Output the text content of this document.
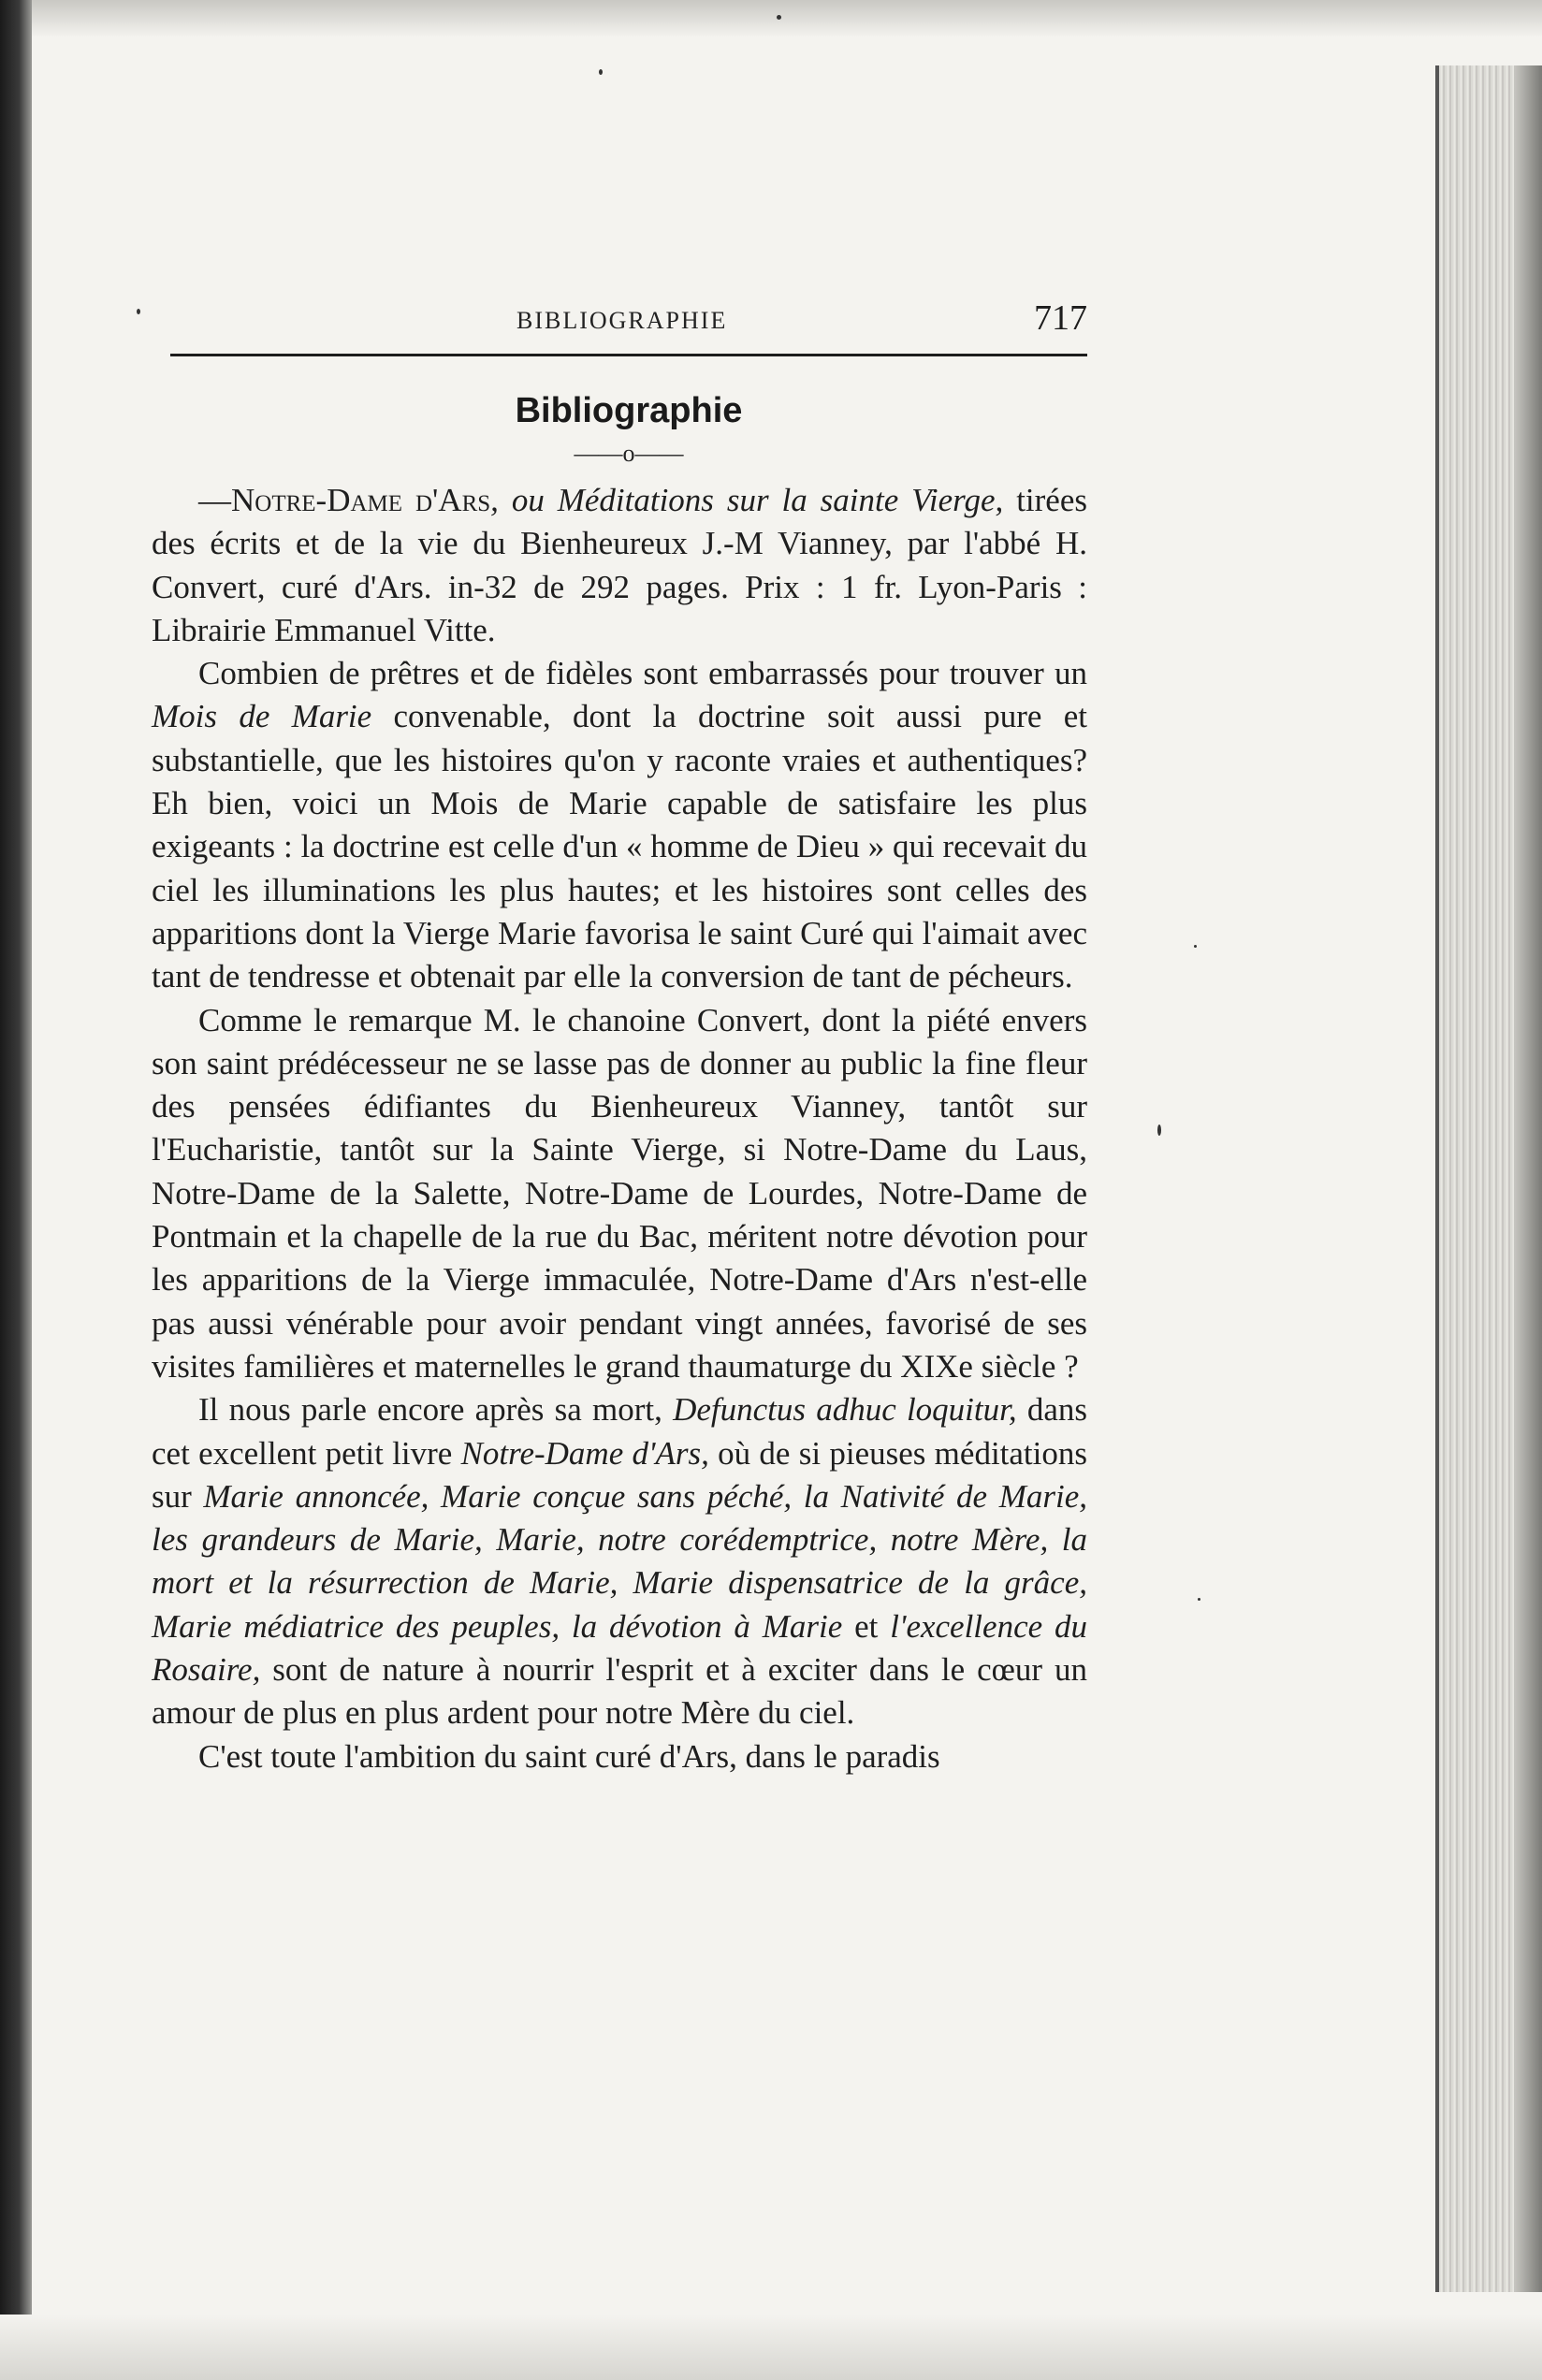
BIBLIOGRAPHIE	717
Bibliographie
——o——

—Notre-Dame d'Ars, ou Méditations sur la sainte Vierge, tirées des écrits et de la vie du Bienheureux J.-M Vianney, par l'abbé H. Convert, curé d'Ars. in-32 de 292 pages. Prix : 1 fr. Lyon-Paris : Librairie Emmanuel Vitte.

Combien de prêtres et de fidèles sont embarrassés pour trouver un Mois de Marie convenable, dont la doctrine soit aussi pure et substantielle, que les histoires qu'on y raconte vraies et authentiques? Eh bien, voici un Mois de Marie capable de satisfaire les plus exigeants : la doctrine est celle d'un « homme de Dieu » qui recevait du ciel les illuminations les plus hautes; et les histoires sont celles des apparitions dont la Vierge Marie favorisa le saint Curé qui l'aimait avec tant de tendresse et obtenait par elle la conversion de tant de pécheurs.

Comme le remarque M. le chanoine Convert, dont la piété envers son saint prédécesseur ne se lasse pas de donner au public la fine fleur des pensées édifiantes du Bienheureux Vianney, tantôt sur l'Eucharistie, tantôt sur la Sainte Vierge, si Notre-Dame du Laus, Notre-Dame de la Salette, Notre-Dame de Lourdes, Notre-Dame de Pontmain et la chapelle de la rue du Bac, méritent notre dévotion pour les apparitions de la Vierge immaculée, Notre-Dame d'Ars n'est-elle pas aussi vénérable pour avoir pendant vingt années, favorisé de ses visites familières et maternelles le grand thaumaturge du XIXe siècle ?

Il nous parle encore après sa mort, Defunctus adhuc loquitur, dans cet excellent petit livre Notre-Dame d'Ars, où de si pieuses méditations sur Marie annoncée, Marie conçue sans péché, la Nativité de Marie, les grandeurs de Marie, Marie, notre corédemptrice, notre Mère, la mort et la résurrection de Marie, Marie dispensatrice de la grâce, Marie médiatrice des peuples, la dévotion à Marie et l'excellence du Rosaire, sont de nature à nourrir l'esprit et à exciter dans le cœur un amour de plus en plus ardent pour notre Mère du ciel.

C'est toute l'ambition du saint curé d'Ars, dans le paradis
